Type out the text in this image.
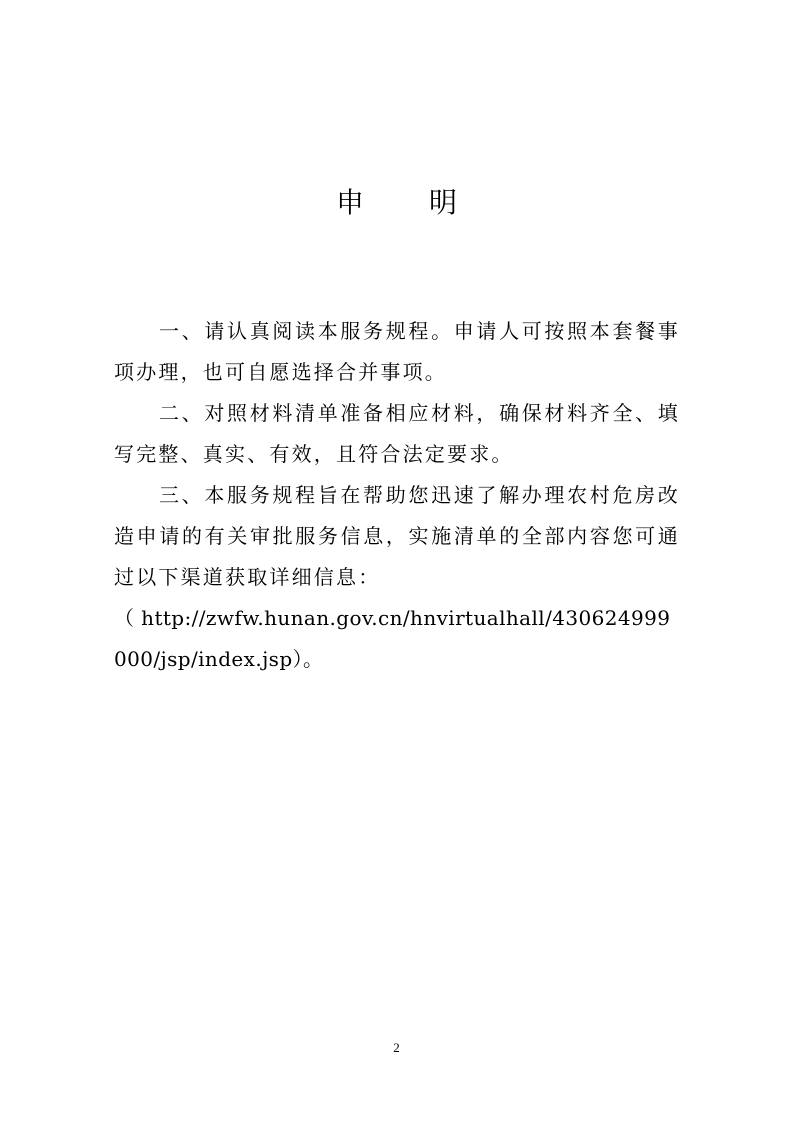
申 明

一、请认真阅读本服务规程。申请人可按照本套餐事项办理，也可自愿选择合并事项。

二、对照材料清单准备相应材料，确保材料齐全、填写完整、真实、有效，且符合法定要求。

三、本服务规程旨在帮助您迅速了解办理农村危房改造申请的有关审批服务信息，实施清单的全部内容您可通过以下渠道获取详细信息：

（ http://zwfw.hunan.gov.cn/hnvirtualhall/430624999000/jsp/index.jsp）。

2
